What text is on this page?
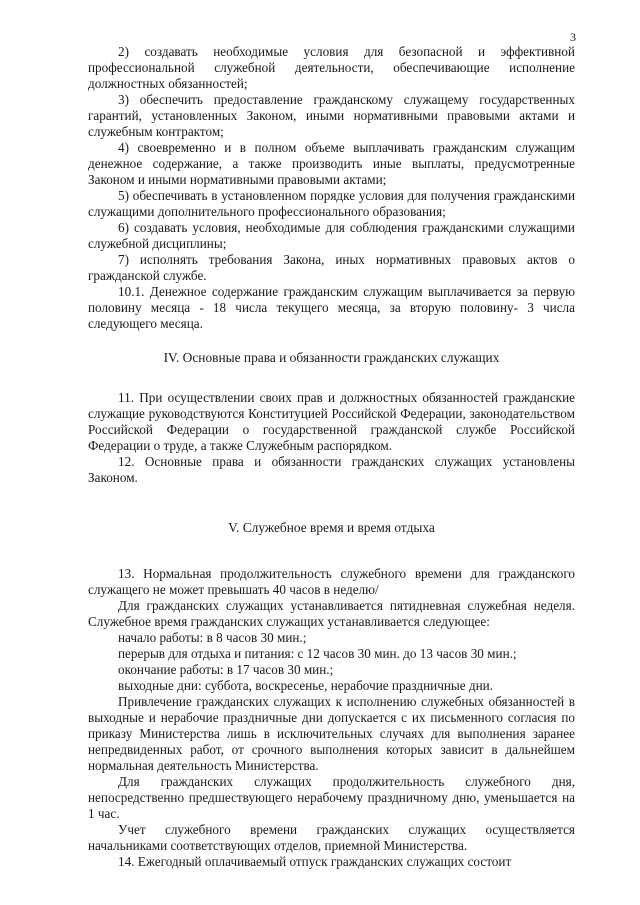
3

2) создавать необходимые условия для безопасной и эффективной профессиональной служебной деятельности, обеспечивающие исполнение должностных обязанностей;

3) обеспечить предоставление гражданскому служащему государственных гарантий, установленных Законом, иными нормативными правовыми актами и служебным контрактом;

4) своевременно и в полном объеме выплачивать гражданским служащим денежное содержание, а также производить иные выплаты, предусмотренные Законом и иными нормативными правовыми актами;

5) обеспечивать в установленном порядке условия для получения гражданскими служащими дополнительного профессионального образования;

6) создавать условия, необходимые для соблюдения гражданскими служащими служебной дисциплины;

7) исполнять требования Закона, иных нормативных правовых актов о гражданской службе.

10.1. Денежное содержание гражданским служащим выплачивается за первую половину месяца - 18 числа текущего месяца, за вторую половину- 3 числа следующего месяца.

IV. Основные права и обязанности гражданских служащих

11. При осуществлении своих прав и должностных обязанностей гражданские служащие руководствуются Конституцией Российской Федерации, законодательством Российской Федерации о государственной гражданской службе Российской Федерации о труде, а также Служебным распорядком.

12. Основные права и обязанности гражданских служащих установлены Законом.

V. Служебное время и время отдыха

13. Нормальная продолжительность служебного времени для гражданского служащего не может превышать 40 часов в неделю/

Для гражданских служащих устанавливается пятидневная служебная неделя. Служебное время гражданских служащих устанавливается следующее:

начало работы: в 8 часов 30 мин.;

перерыв для отдыха и питания: с 12 часов 30 мин. до 13 часов 30 мин.;

окончание работы: в 17 часов 30 мин.;

выходные дни: суббота, воскресенье, нерабочие праздничные дни.

Привлечение гражданских служащих к исполнению служебных обязанностей в выходные и нерабочие праздничные дни допускается с их письменного согласия по приказу Министерства лишь в исключительных случаях для выполнения заранее непредвиденных работ, от срочного выполнения которых зависит в дальнейшем нормальная деятельность Министерства.

Для гражданских служащих продолжительность служебного дня, непосредственно предшествующего нерабочему праздничному дню, уменьшается на 1 час.

Учет служебного времени гражданских служащих осуществляется начальниками соответствующих отделов, приемной Министерства.

14. Ежегодный оплачиваемый отпуск гражданских служащих состоит
